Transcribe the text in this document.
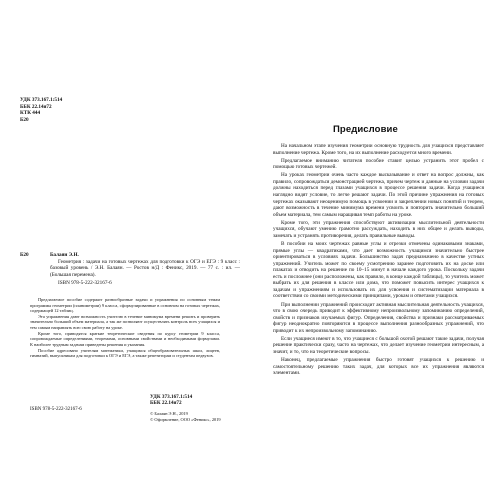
УДК 373.167.1:514
ББК 22.14я72
КТК 444
Б20
Б20	Балаян Э.Н.
Геометрия : задачи на готовых чертежах для подготовки к ОГЭ и ЕГЭ : 9 класс : базовый уровень / Э.Н. Балаян. — Ростов н/Д : Феникс, 2019. — 77 с. : ил. — (Большая перемена).
ISBN 978-5-222-32167-6

Предлагаемое пособие содержит разнообразные задачи и упражнения по основным темам программы геометрии (планиметрии) 9 класса, сформулированные в основном на готовых чертежах, содержащей 12 таблиц.

Эта упражнения дают возможность учителю в течение минимума времени решить и проверить значительно больший объем материала, а так же позволяют осуществлять контроль всех учащихся и тем самым направлять всю свою работу на уроке.

Кроме того, приводятся краткие теоретические сведения по курсу геометрии 9 класса, сопровождаемые определениями, теоремами, основными свойствами и необходимыми формулами. К наиболее трудным задачам приведены решения и указания.

Пособие адресовано учителям математики, учащимся общеобразовательных школ, лицеев, гимназий, выпускникам для подготовки к ОГЭ и ЕГЭ, а также репетиторам и студентам педвузов.

УДК 373.167.1:514
ББК 22.14я72
ISBN 978-5-222-32167-6
© Балаян Э.Н., 2019
© Оформление, ООО «Феникс», 2019
Предисловие

На начальном этапе изучения геометрии основную трудность для учащихся представляет выполнение чертежа. Кроме того, на их выполнение расходуется много времени.

Предлагаемое вниманию читателя пособие ставит целью устранить этот пробел с помощью готовых чертежей.

На уроках геометрии очень часто каждое высказывание и ответ на вопрос должны, как правило, сопровождаться демонстрацией чертежа, причем чертеж и данные на условии задачи должны находиться перед глазами учащихся в процессе решения задачи. Когда учащиеся наглядно видят условие, то легче решают задачи. По этой причине упражнения на готовых чертежах оказывают неоценимую помощь в усвоении и закреплении новых понятий и теорем, дают возможность в течение минимума времени усвоить и повторить значительно больший объем материала, тем самым наращивая темп работы на уроке.

Кроме того, эти упражнения способствуют активизации мыслительной деятельности учащихся, обучают умению грамотно рассуждать, находить в них общее и делать выводы, замечать и устранять противоречия, делать правильные выводы.

В пособии на моих чертежах равные углы и отрезки отмечены одинаковыми знаками, прямые углы — квадратиками, что дает возможность учащимся значительно быстрее ориентироваться в условиях задачи. Большинство задач предназначено в качестве устных упражнений. Учитель может по своему усмотрению заранее подготовить их на доске или плакатах и отводить на решение по 10–15 минут в начале каждого урока. Поскольку задачи есть и посложнее (они расположены, как правило, в конце каждой таблицы), то учитель может выбрать их для решения в классе или дома, что поможет повысить интерес учащихся к задачам и упражнениям и использовать их для усвоения и систематизации материала в соответствии со своими методическими принципами, урокам и ответами учащихся.

При выполнении упражнений происходит активная мыслительная деятельность учащихся, что в свою очередь приводит к эффективному непроизвольному запоминанию определений, свойств и признаков изучаемых фигур. Определения, свойства и признаки рассматриваемых фигур неоднократно повторяются в процессе выполнения разнообразных упражнений, что приводит к их непроизвольному запоминанию.

Если учащиеся имеют в то, что учащиеся с большой охотой решают такие задачи, получая решение практически сразу, часто на чертежах, что делает изучение геометрии интересным, а значит, и то, что на теоретические вопросы.

Наконец, предлагаемые упражнения быстро готовят учащихся к решению и самостоятельному решению таких задач, для которых все их упражнения являются элементами.
